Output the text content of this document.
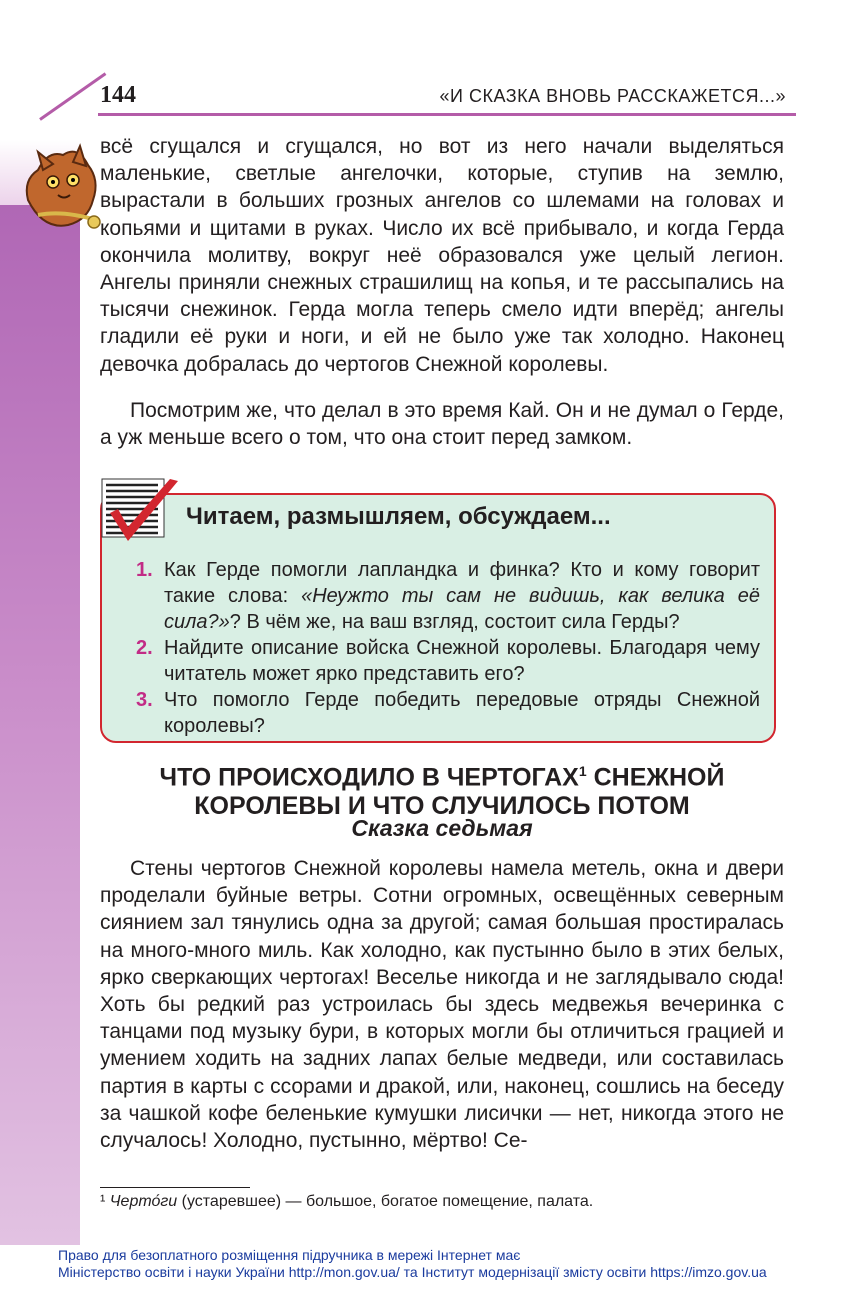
144	«И СКАЗКА ВНОВЬ РАССКАЖЕТСЯ...»

всё сгущался и сгущался, но вот из него начали выделяться маленькие, светлые ангелочки, которые, ступив на землю, вырастали в больших грозных ангелов со шлемами на головах и копьями и щитами в руках. Число их всё прибывало, и когда Герда окончила молитву, вокруг неё образовался уже целый легион. Ангелы приняли снежных страшилищ на копья, и те рассыпались на тысячи снежинок. Герда могла теперь смело идти вперёд; ангелы гладили её руки и ноги, и ей не было уже так холодно. Наконец девочка добралась до чертогов Снежной королевы.

Посмотрим же, что делал в это время Кай. Он и не думал о Герде, а уж меньше всего о том, что она стоит перед замком.

Читаем, размышляем, обсуждаем...

1. Как Герде помогли лапландка и финка? Кто и кому говорит такие слова: «Неужто ты сам не видишь, как велика её сила?»? В чём же, на ваш взгляд, состоит сила Герды?

2. Найдите описание войска Снежной королевы. Благодаря чему читатель может ярко представить его?

3. Что помогло Герде победить передовые отряды Снежной королевы?

ЧТО ПРОИСХОДИЛО В ЧЕРТОГАХ$^1$ СНЕЖНОЙ КОРОЛЕВЫ И ЧТО СЛУЧИЛОСЬ ПОТОМ
Сказка седьмая

Стены чертогов Снежной королевы намела метель, окна и двери проделали буйные ветры. Сотни огромных, освещённых северным сиянием зал тянулись одна за другой; самая большая простиралась на много-много миль. Как холодно, как пустынно было в этих белых, ярко сверкающих чертогах! Веселье никогда и не заглядывало сюда! Хоть бы редкий раз устроилась бы здесь медвежья вечеринка с танцами под музыку бури, в которых могли бы отличиться грацией и умением ходить на задних лапах белые медведи, или составилась партия в карты с ссорами и дракой, или, наконец, сошлись на беседу за чашкой кофе беленькие кумушки лисички — нет, никогда этого не случалось! Холодно, пустынно, мёртво! Се-

¹ Черто́ги (устаревшее) — большое, богатое помещение, палата.
Право для безоплатного розміщення підручника в мережі Інтернет має
Міністерство освіти і науки України http://mon.gov.ua/ та Інститут модернізації змісту освіти https://imzo.gov.ua
